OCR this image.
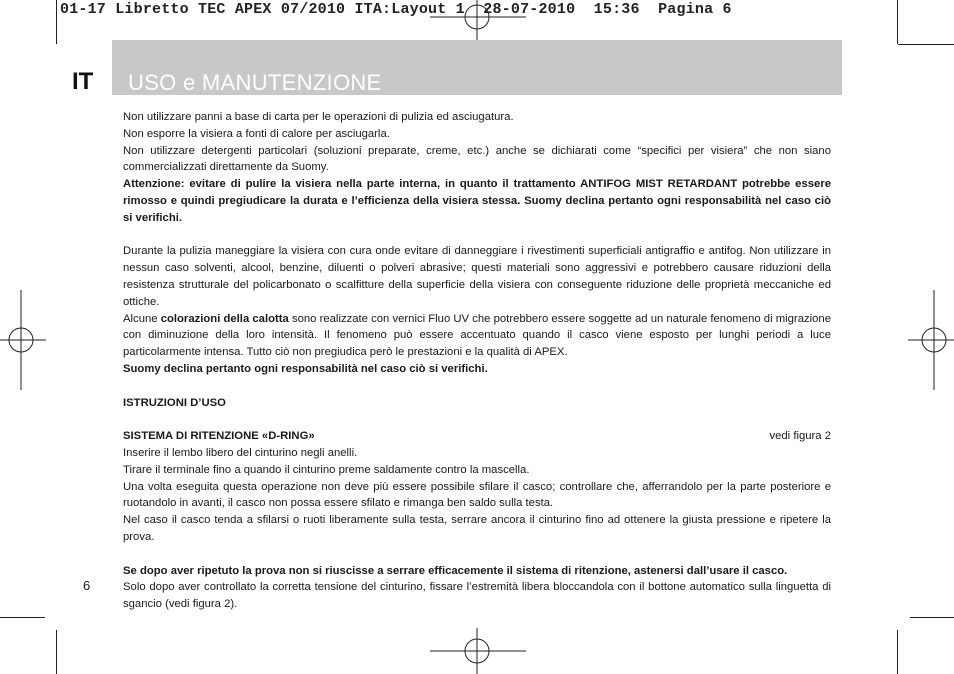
01-17 Libretto TEC APEX 07/2010 ITA:Layout 1  28-07-2010  15:36  Pagina 6
IT USO e MANUTENZIONE

Non utilizzare panni a base di carta per le operazioni di pulizia ed asciugatura.

Non esporre la visiera a fonti di calore per asciugarla.

Non utilizzare detergenti particolari (soluzioni preparate, creme, etc.) anche se dichiarati come “specifici per visiera” che non siano commercializzati direttamente da Suomy.

Attenzione: evitare di pulire la visiera nella parte interna, in quanto il trattamento ANTIFOG MIST RETARDANT potrebbe essere rimosso e quindi pregiudicare la durata e l’efficienza della visiera stessa. Suomy declina pertanto ogni responsabilità nel caso ciò si verifichi.

Durante la pulizia maneggiare la visiera con cura onde evitare di danneggiare i rivestimenti superficiali antigraffio e antifog. Non utilizzare in nessun caso solventi, alcool, benzine, diluenti o polveri abrasive; questi materiali sono aggressivi e potrebbero causare riduzioni della resistenza strutturale del policarbonato o scalfitture della superficie della visiera con conseguente riduzione delle proprietà meccaniche ed ottiche.

Alcune colorazioni della calotta sono realizzate con vernici Fluo UV che potrebbero essere soggette ad un naturale fenomeno di migrazione con diminuzione della loro intensità. Il fenomeno può essere accentuato quando il casco viene esposto per lunghi periodi a luce particolarmente intensa. Tutto ciò non pregiudica però le prestazioni e la qualità di APEX.

Suomy declina pertanto ogni responsabilità nel caso ciò si verifichi.

ISTRUZIONI D’USO

SISTEMA DI RITENZIONE «D-RING»	vedi figura 2

Inserire il lembo libero del cinturino negli anelli.

Tirare il terminale fino a quando il cinturino preme saldamente contro la mascella.

Una volta eseguita questa operazione non deve più essere possibile sfilare il casco; controllare che, afferrandolo per la parte posteriore e ruotandolo in avanti, il casco non possa essere sfilato e rimanga ben saldo sulla testa.

Nel caso il casco tenda a sfilarsi o ruoti liberamente sulla testa, serrare ancora il cinturino fino ad ottenere la giusta pressione e ripetere la prova.

Se dopo aver ripetuto la prova non si riuscisse a serrare efficacemente il sistema di ritenzione, astenersi dall’usare il casco.

Solo dopo aver controllato la corretta tensione del cinturino, fissare l’estremità libera bloccandola con il bottone automatico sulla linguetta di sgancio (vedi figura 2).

6
